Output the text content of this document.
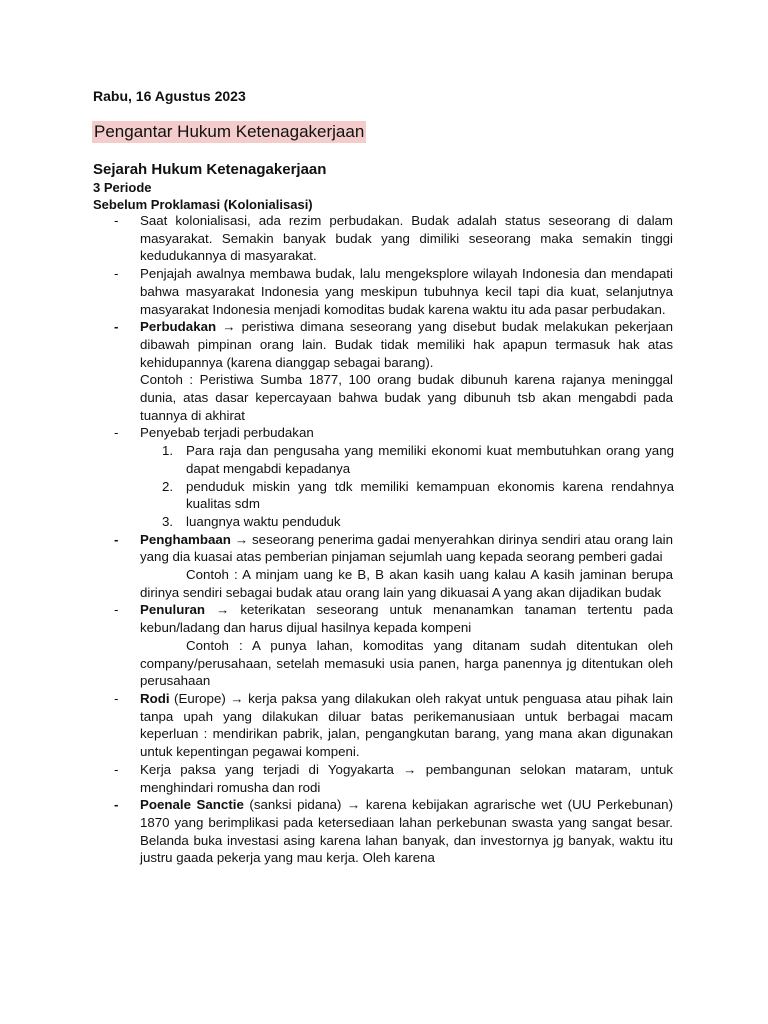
Rabu, 16 Agustus 2023
Pengantar Hukum Ketenagakerjaan
Sejarah Hukum Ketenagakerjaan
3 Periode
Sebelum Proklamasi (Kolonialisasi)
- Saat kolonialisasi, ada rezim perbudakan. Budak adalah status seseorang di dalam masyarakat. Semakin banyak budak yang dimiliki seseorang maka semakin tinggi kedudukannya di masyarakat.
- Penjajah awalnya membawa budak, lalu mengeksplore wilayah Indonesia dan mendapati bahwa masyarakat Indonesia yang meskipun tubuhnya kecil tapi dia kuat, selanjutnya masyarakat Indonesia menjadi komoditas budak karena waktu itu ada pasar perbudakan.
- Perbudakan → peristiwa dimana seseorang yang disebut budak melakukan pekerjaan dibawah pimpinan orang lain. Budak tidak memiliki hak apapun termasuk hak atas kehidupannya (karena dianggap sebagai barang).
Contoh : Peristiwa Sumba 1877, 100 orang budak dibunuh karena rajanya meninggal dunia, atas dasar kepercayaan bahwa budak yang dibunuh tsb akan mengabdi pada tuannya di akhirat
- Penyebab terjadi perbudakan
1. Para raja dan pengusaha yang memiliki ekonomi kuat membutuhkan orang yang dapat mengabdi kepadanya
2. penduduk miskin yang tdk memiliki kemampuan ekonomis karena rendahnya kualitas sdm
3. luangnya waktu penduduk
- Penghambaan → seseorang penerima gadai menyerahkan dirinya sendiri atau orang lain yang dia kuasai atas pemberian pinjaman sejumlah uang kepada seorang pemberi gadai
Contoh : A minjam uang ke B, B akan kasih uang kalau A kasih jaminan berupa dirinya sendiri sebagai budak atau orang lain yang dikuasai A yang akan dijadikan budak
- Penuluran → keterikatan seseorang untuk menanamkan tanaman tertentu pada kebun/ladang dan harus dijual hasilnya kepada kompeni
Contoh : A punya lahan, komoditas yang ditanam sudah ditentukan oleh company/perusahaan, setelah memasuki usia panen, harga panennya jg ditentukan oleh perusahaan
- Rodi (Europe) → kerja paksa yang dilakukan oleh rakyat untuk penguasa atau pihak lain tanpa upah yang dilakukan diluar batas perikemanusiaan untuk berbagai macam keperluan : mendirikan pabrik, jalan, pengangkutan barang, yang mana akan digunakan untuk kepentingan pegawai kompeni.
- Kerja paksa yang terjadi di Yogyakarta → pembangunan selokan mataram, untuk menghindari romusha dan rodi
- Poenale Sanctie (sanksi pidana) → karena kebijakan agrarische wet (UU Perkebunan) 1870 yang berimplikasi pada ketersediaan lahan perkebunan swasta yang sangat besar. Belanda buka investasi asing karena lahan banyak, dan investornya jg banyak, waktu itu justru gaada pekerja yang mau kerja. Oleh karena
